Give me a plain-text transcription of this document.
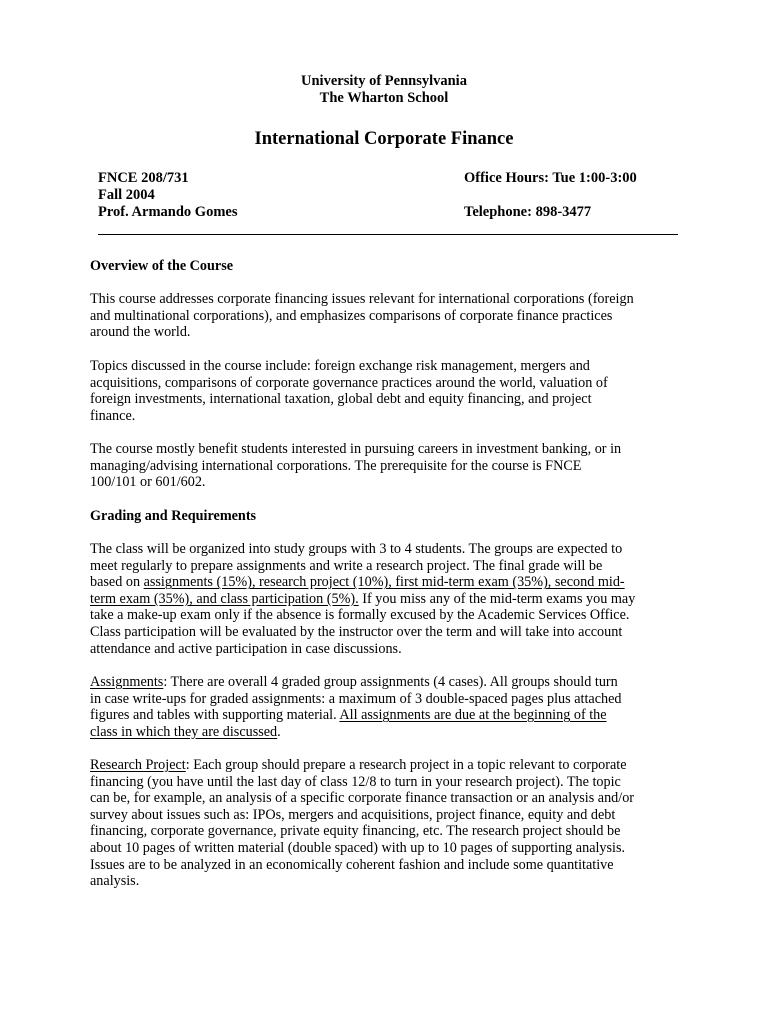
University of Pennsylvania
The Wharton School
International Corporate Finance
FNCE 208/731
Fall 2004
Prof. Armando Gomes
Office Hours: Tue 1:00-3:00
Telephone: 898-3477
Overview of the Course
This course addresses corporate financing issues relevant for international corporations (foreign
and multinational corporations), and emphasizes comparisons of corporate finance practices
around the world.
Topics discussed in the course include: foreign exchange risk management, mergers and
acquisitions, comparisons of corporate governance practices around the world, valuation of
foreign investments, international taxation, global debt and equity financing, and project
finance.
The course mostly benefit students interested in pursuing careers in investment banking, or in
managing/advising international corporations. The prerequisite for the course is FNCE
100/101 or 601/602.
Grading and Requirements
The class will be organized into study groups with 3 to 4 students. The groups are expected to
meet regularly to prepare assignments and write a research project. The final grade will be
based on assignments (15%), research project (10%), first mid-term exam (35%), second mid-
term exam (35%), and class participation (5%). If you miss any of the mid-term exams you may
take a make-up exam only if the absence is formally excused by the Academic Services Office.
Class participation will be evaluated by the instructor over the term and will take into account
attendance and active participation in case discussions.
Assignments: There are overall 4 graded group assignments (4 cases). All groups should turn
in case write-ups for graded assignments: a maximum of 3 double-spaced pages plus attached
figures and tables with supporting material. All assignments are due at the beginning of the
class in which they are discussed.
Research Project: Each group should prepare a research project in a topic relevant to corporate
financing (you have until the last day of class 12/8 to turn in your research project). The topic
can be, for example, an analysis of a specific corporate finance transaction or an analysis and/or
survey about issues such as: IPOs, mergers and acquisitions, project finance, equity and debt
financing, corporate governance, private equity financing, etc. The research project should be
about 10 pages of written material (double spaced) with up to 10 pages of supporting analysis.
Issues are to be analyzed in an economically coherent fashion and include some quantitative
analysis.
